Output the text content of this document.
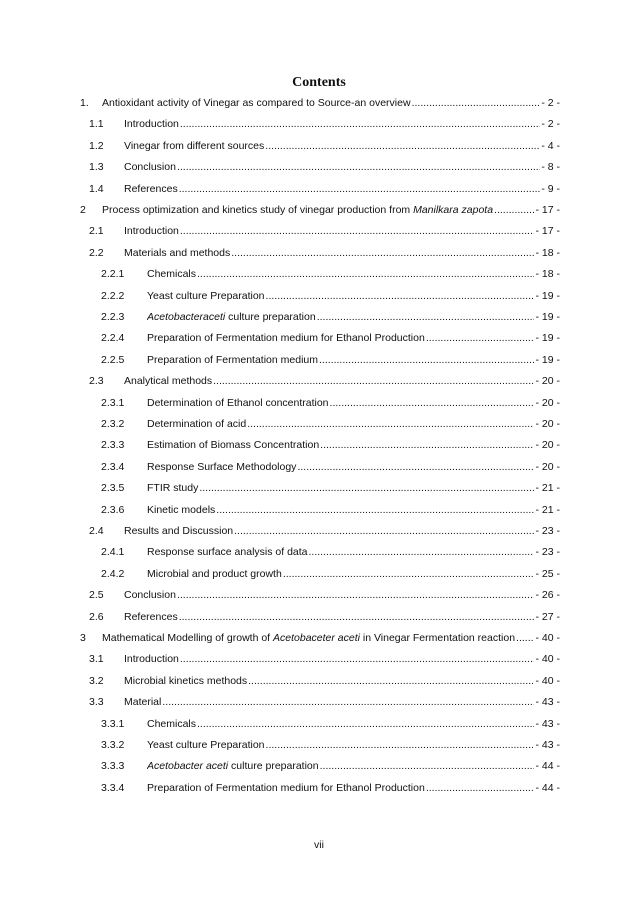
Contents
1. Antioxidant activity of Vinegar as compared to Source-an overview .....	- 2 -
1.1 Introduction .....	- 2 -
1.2 Vinegar from different sources .....	- 4 -
1.3 Conclusion .....	- 8 -
1.4 References .....	- 9 -
2 Process optimization and kinetics study of vinegar production from Manilkara zapota .....	- 17 -
2.1 Introduction .....	- 17 -
2.2 Materials and methods .....	- 18 -
2.2.1 Chemicals .....	- 18 -
2.2.2 Yeast culture Preparation .....	- 19 -
2.2.3 Acetobacteraceti culture preparation .....	- 19 -
2.2.4 Preparation of Fermentation medium for Ethanol Production .....	- 19 -
2.2.5 Preparation of Fermentation medium .....	- 19 -
2.3 Analytical methods .....	- 20 -
2.3.1 Determination of Ethanol concentration .....	- 20 -
2.3.2 Determination of acid .....	- 20 -
2.3.3 Estimation of Biomass Concentration .....	- 20 -
2.3.4 Response Surface Methodology .....	- 20 -
2.3.5 FTIR study .....	- 21 -
2.3.6 Kinetic models .....	- 21 -
2.4 Results and Discussion .....	- 23 -
2.4.1 Response surface analysis of data .....	- 23 -
2.4.2 Microbial and product growth .....	- 25 -
2.5 Conclusion .....	- 26 -
2.6 References .....	- 27 -
3 Mathematical Modelling of growth of Acetobaceter aceti in Vinegar Fermentation reaction ..... - 40 -
3.1 Introduction .....	- 40 -
3.2 Microbial kinetics methods .....	- 40 -
3.3 Material .....	- 43 -
3.3.1 Chemicals .....	- 43 -
3.3.2 Yeast culture Preparation .....	- 43 -
3.3.3 Acetobacter aceti culture preparation .....	- 44 -
3.3.4 Preparation of Fermentation medium for Ethanol Production .....	- 44 -
vii
